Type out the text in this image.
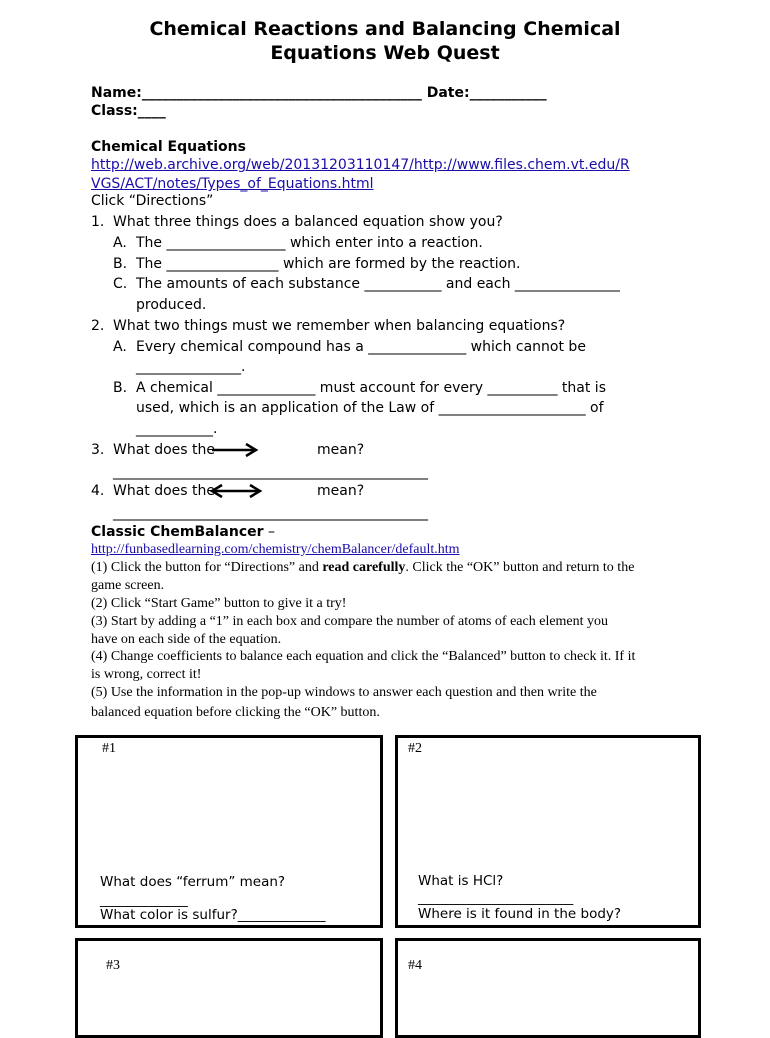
Chemical Reactions and Balancing Chemical
Equations Web Quest
Name:________________________________________ Date:___________
Class:____
Chemical Equations
http://web.archive.org/web/20131203110147/http://www.files.chem.vt.edu/R
VGS/ACT/notes/Types_of_Equations.html
Click “Directions”
1. What three things does a balanced equation show you?
A. The _________________ which enter into a reaction.
B. The ________________ which are formed by the reaction.
C. The amounts of each substance ___________ and each _______________
produced.
2. What two things must we remember when balancing equations?
A. Every chemical compound has a ______________ which cannot be
_______________.
B. A chemical ______________ must account for every __________ that is
used, which is an application of the Law of _____________________ of
___________.
3. What does the	mean?
_____________________________________________
4. What does the	mean?
_____________________________________________
Classic ChemBalancer –
http://funbasedlearning.com/chemistry/chemBalancer/default.htm
(1) Click the button for “Directions” and read carefully. Click the “OK” button and return to the
game screen.
(2) Click “Start Game” button to give it a try!
(3) Start by adding a “1” in each box and compare the number of atoms of each element you
have on each side of the equation.
(4) Change coefficients to balance each equation and click the “Balanced” button to check it. If it
is wrong, correct it!
(5) Use the information in the pop-up windows to answer each question and then write the
balanced equation before clicking the “OK” button.
#1
What does “ferrum” mean?
_____________
What color is sulfur?_____________
#2
What is HCl?
_______________________
Where is it found in the body?
#3	#4
